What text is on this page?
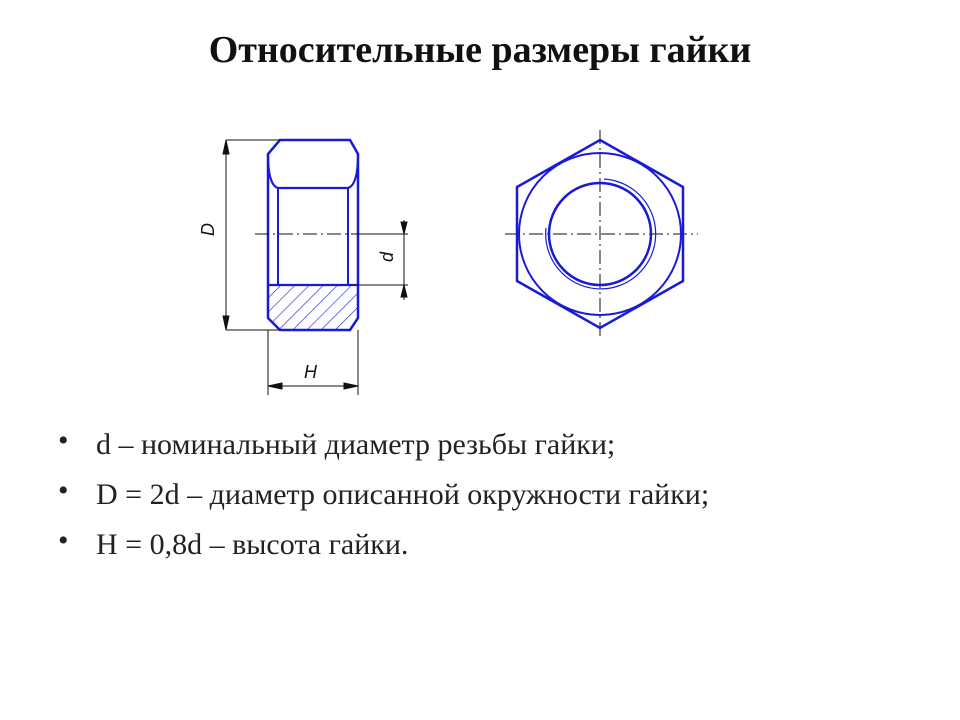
Относительные размеры гайки
D
d
H
• d – номинальный диаметр резьбы гайки;
• D = 2d – диаметр описанной окружности гайки;
• H = 0,8d – высота гайки.
